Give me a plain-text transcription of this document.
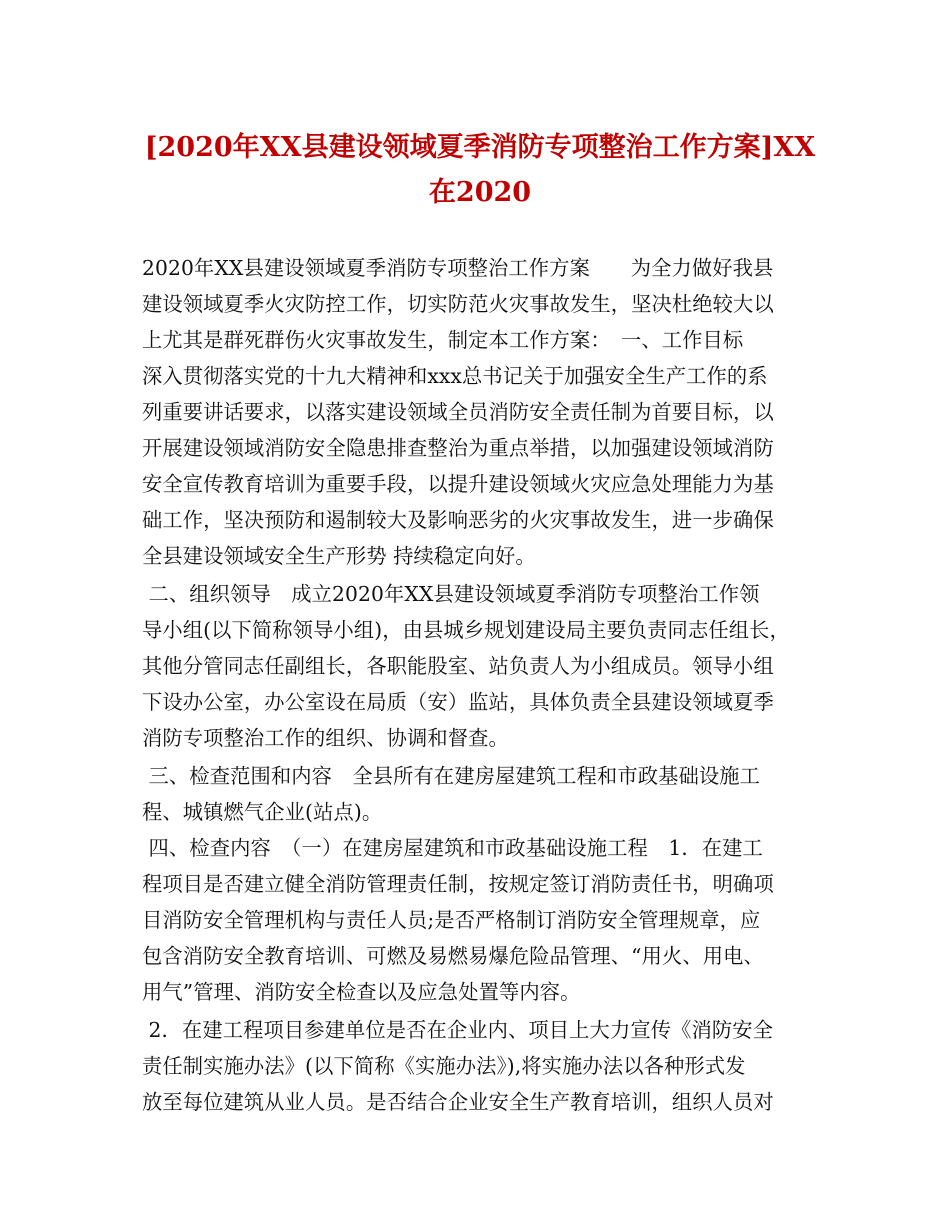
[2020年XX县建设领域夏季消防专项整治工作方案]XX
在2020
2020年XX县建设领域夏季消防专项整治工作方案　　为全力做好我县
建设领域夏季火灾防控工作，切实防范火灾事故发生，坚决杜绝较大以
上尤其是群死群伤火灾事故发生，制定本工作方案：　一、工作目标
深入贯彻落实党的十九大精神和xxx总书记关于加强安全生产工作的系
列重要讲话要求，以落实建设领域全员消防安全责任制为首要目标，以
开展建设领域消防安全隐患排查整治为重点举措，以加强建设领域消防
安全宣传教育培训为重要手段，以提升建设领域火灾应急处理能力为基
础工作，坚决预防和遏制较大及影响恶劣的火灾事故发生，进一步确保
全县建设领域安全生产形势 持续稳定向好。
二、组织领导　成立2020年XX县建设领域夏季消防专项整治工作领
导小组(以下简称领导小组)，由县城乡规划建设局主要负责同志任组长，
其他分管同志任副组长，各职能股室、站负责人为小组成员。领导小组
下设办公室，办公室设在局质（安）监站，具体负责全县建设领域夏季
消防专项整治工作的组织、协调和督查。
三、检查范围和内容　全县所有在建房屋建筑工程和市政基础设施工
程、城镇燃气企业(站点)。
四、检查内容　（一）在建房屋建筑和市政基础设施工程　1．在建工
程项目是否建立健全消防管理责任制，按规定签订消防责任书，明确项
目消防安全管理机构与责任人员;是否严格制订消防安全管理规章，应
包含消防安全教育培训、可燃及易燃易爆危险品管理、“用火、用电、
用气”管理、消防安全检查以及应急处置等内容。
2．在建工程项目参建单位是否在企业内、项目上大力宣传《消防安全
责任制实施办法》(以下简称《实施办法》),将实施办法以各种形式发
放至每位建筑从业人员。是否结合企业安全生产教育培训，组织人员对
